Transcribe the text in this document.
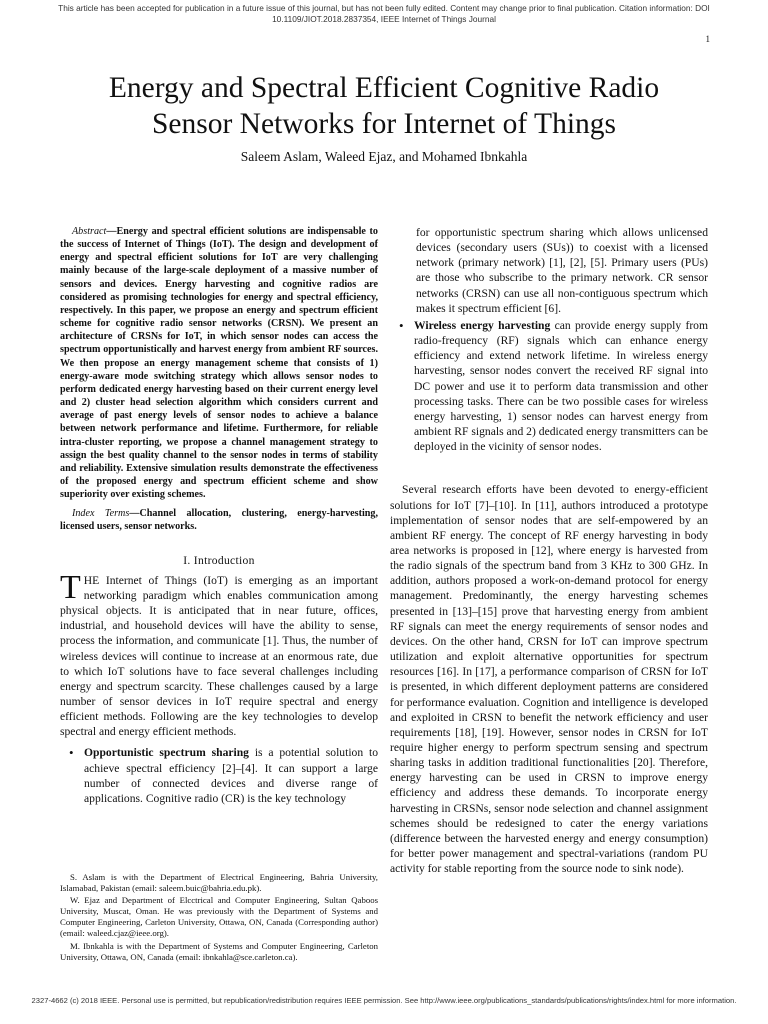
This article has been accepted for publication in a future issue of this journal, but has not been fully edited. Content may change prior to final publication. Citation information: DOI 10.1109/JIOT.2018.2837354, IEEE Internet of Things Journal
1
Energy and Spectral Efficient Cognitive Radio
Sensor Networks for Internet of Things
Saleem Aslam, Waleed Ejaz, and Mohamed Ibnkahla

Abstract—Energy and spectral efficient solutions are indispensable to the success of Internet of Things (IoT). The design and development of energy and spectral efficient solutions for IoT are very challenging mainly because of the large-scale deployment of a massive number of sensors and devices. Energy harvesting and cognitive radios are considered as promising technologies for energy and spectral efficiency, respectively. In this paper, we propose an energy and spectrum efficient scheme for cognitive radio sensor networks (CRSN). We present an architecture of CRSNs for IoT, in which sensor nodes can access the spectrum opportunistically and harvest energy from ambient RF sources. We then propose an energy management scheme that consists of 1) energy-aware mode switching strategy which allows sensor nodes to perform dedicated energy harvesting based on their current energy level and 2) cluster head selection algorithm which considers current and average of past energy levels of sensor nodes to achieve a balance between network performance and lifetime. Furthermore, for reliable intra-cluster reporting, we propose a channel management strategy to assign the best quality channel to the sensor nodes in terms of stability and reliability. Extensive simulation results demonstrate the effectiveness of the proposed energy and spectrum efficient scheme and show superiority over existing schemes.

Index Terms—Channel allocation, clustering, energy-harvesting, licensed users, sensor networks.

I. Introduction

THE Internet of Things (IoT) is emerging as an important networking paradigm which enables communication among physical objects. It is anticipated that in near future, offices, industrial, and household devices will have the ability to sense, process the information, and communicate [1]. Thus, the number of wireless devices will continue to increase at an enormous rate, due to which IoT solutions have to face several challenges including energy and spectrum scarcity. These challenges caused by a large number of sensor devices in IoT require spectral and energy efficient methods. Following are the key technologies to develop spectral and energy efficient methods.

• Opportunistic spectrum sharing is a potential solution to achieve spectral efficiency [2]–[4]. It can support a large number of connected devices and diverse range of applications. Cognitive radio (CR) is the key technology

S. Aslam is with the Department of Electrical Engineering, Bahria University, Islamabad, Pakistan (email: saleem.buic@bahria.edu.pk).

W. Ejaz and Department of Elcctrical and Computer Engineering, Sultan Qaboos University, Muscat, Oman. He was previously with the Department of Systems and Computer Engineering, Carleton University, Ottawa, ON, Canada (Corresponding author) (email: waleed.cjaz@ieee.org).

M. Ibnkahla is with the Department of Systems and Computer Engineering, Carleton University, Ottawa, ON, Canada (email: ibnkahla@sce.carleton.ca).

for opportunistic spectrum sharing which allows unlicensed devices (secondary users (SUs)) to coexist with a licensed network (primary network) [1], [2], [5]. Primary users (PUs) are those who subscribe to the primary network. CR sensor networks (CRSN) can use all non-contiguous spectrum which makes it spectrum efficient [6].

• Wireless energy harvesting can provide energy supply from radio-frequency (RF) signals which can enhance energy efficiency and extend network lifetime. In wireless energy harvesting, sensor nodes convert the received RF signal into DC power and use it to perform data transmission and other processing tasks. There can be two possible cases for wireless energy harvesting, 1) sensor nodes can harvest energy from ambient RF signals and 2) dedicated energy transmitters can be deployed in the vicinity of sensor nodes.

Several research efforts have been devoted to energy-efficient solutions for IoT [7]–[10]. In [11], authors introduced a prototype implementation of sensor nodes that are self-empowered by an ambient RF energy. The concept of RF energy harvesting in body area networks is proposed in [12], where energy is harvested from the radio signals of the spectrum band from 3 KHz to 300 GHz. In addition, authors proposed a work-on-demand protocol for energy management. Predominantly, the energy harvesting schemes presented in [13]–[15] prove that harvesting energy from ambient RF signals can meet the energy requirements of sensor nodes and devices. On the other hand, CRSN for IoT can improve spectrum utilization and exploit alternative opportunities for spectrum resources [16]. In [17], a performance comparison of CRSN for IoT is presented, in which different deployment patterns are considered for performance evaluation. Cognition and intelligence is developed and exploited in CRSN to benefit the network efficiency and user requirements [18], [19]. However, sensor nodes in CRSN for IoT require higher energy to perform spectrum sensing and spectrum sharing tasks in addition traditional functionalities [20]. Therefore, energy harvesting can be used in CRSN to improve energy efficiency and address these demands. To incorporate energy harvesting in CRSNs, sensor node selection and channel assignment schemes should be redesigned to cater the energy variations (difference between the harvested energy and energy consumption) for better power management and spectral-variations (random PU activity for stable reporting from the source node to sink node).

2327-4662 (c) 2018 IEEE. Personal use is permitted, but republication/redistribution requires IEEE permission. See http://www.ieee.org/publications_standards/publications/rights/index.html for more information.
